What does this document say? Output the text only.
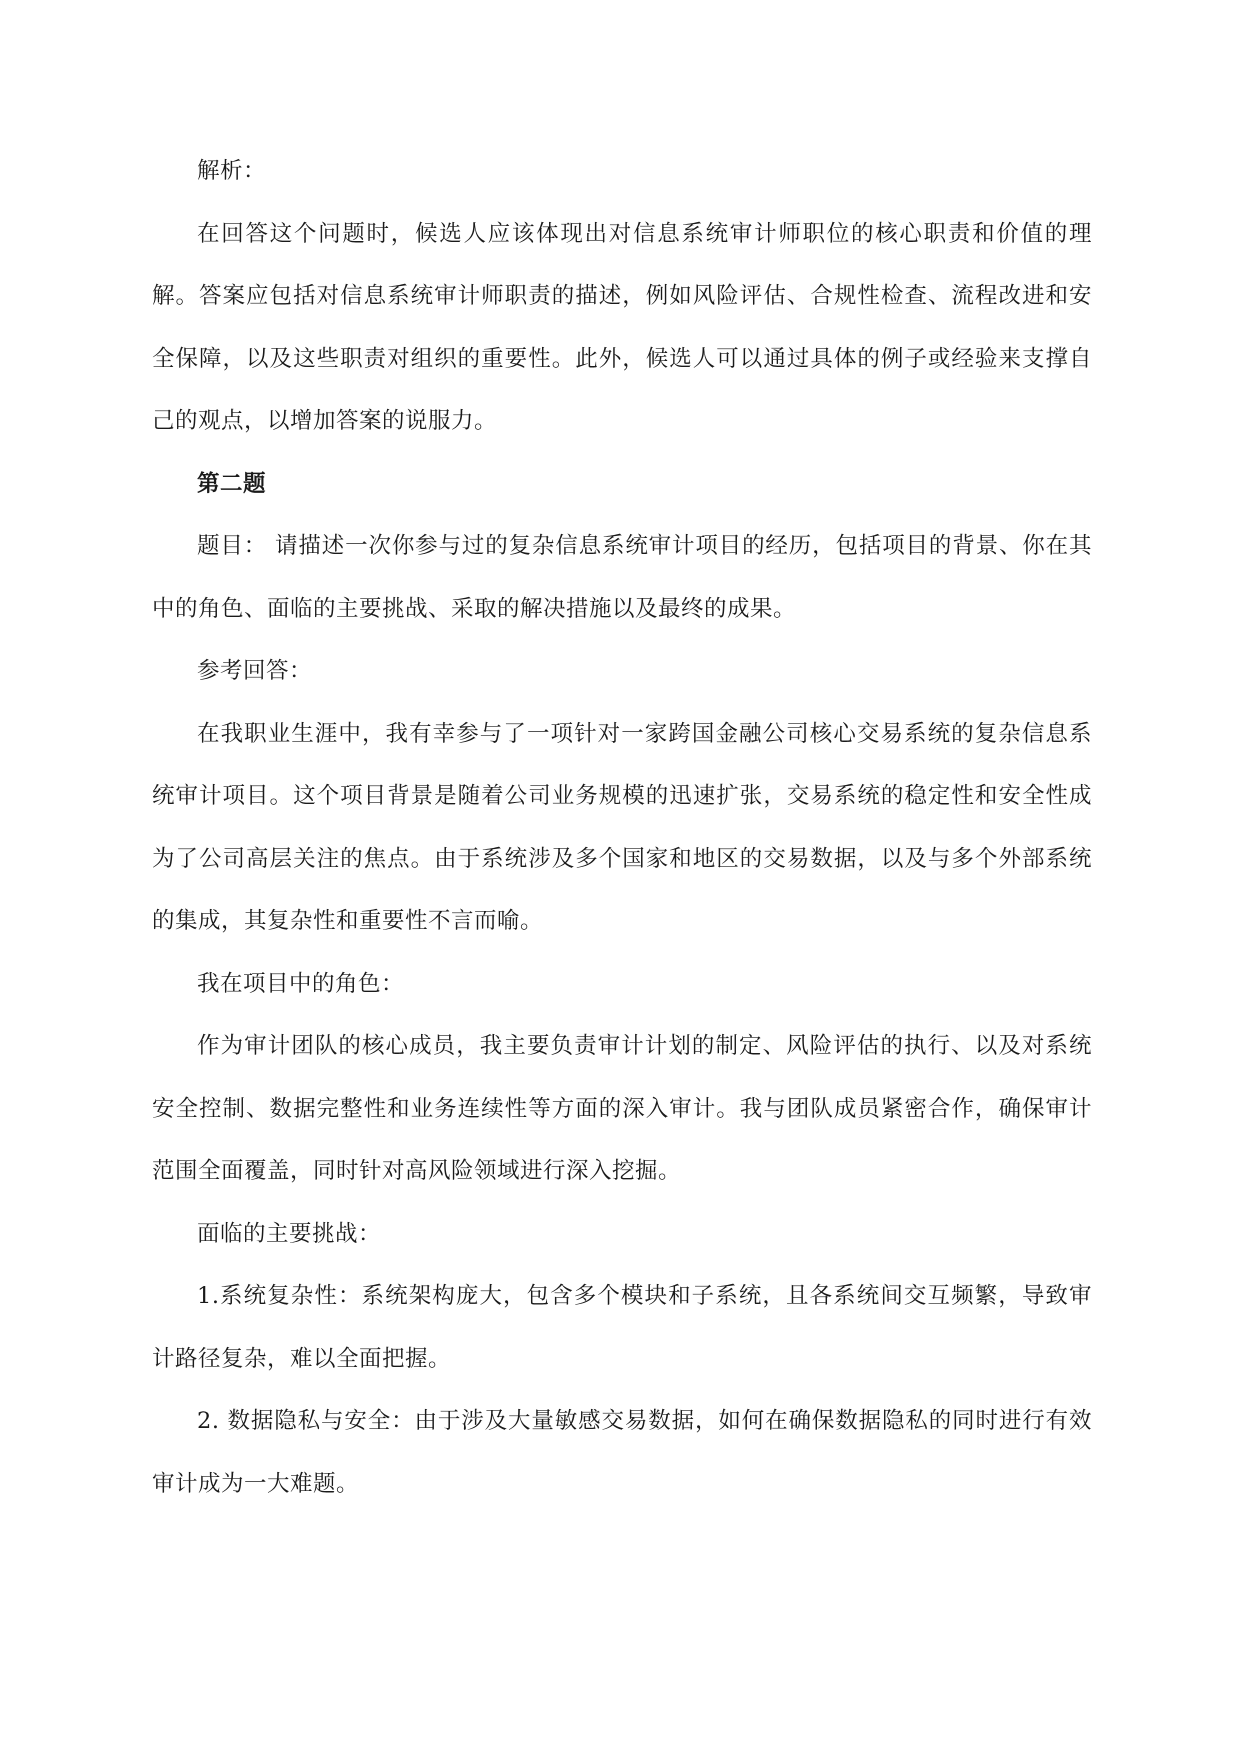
解析：

在回答这个问题时，候选人应该体现出对信息系统审计师职位的核心职责和价值的理解。答案应包括对信息系统审计师职责的描述，例如风险评估、合规性检查、流程改进和安全保障，以及这些职责对组织的重要性。此外，候选人可以通过具体的例子或经验来支撑自己的观点，以增加答案的说服力。

第二题

题目： 请描述一次你参与过的复杂信息系统审计项目的经历，包括项目的背景、你在其中的角色、面临的主要挑战、采取的解决措施以及最终的成果。

参考回答：

在我职业生涯中，我有幸参与了一项针对一家跨国金融公司核心交易系统的复杂信息系统审计项目。这个项目背景是随着公司业务规模的迅速扩张，交易系统的稳定性和安全性成为了公司高层关注的焦点。由于系统涉及多个国家和地区的交易数据，以及与多个外部系统的集成，其复杂性和重要性不言而喻。

我在项目中的角色：

作为审计团队的核心成员，我主要负责审计计划的制定、风险评估的执行、以及对系统安全控制、数据完整性和业务连续性等方面的深入审计。我与团队成员紧密合作，确保审计范围全面覆盖，同时针对高风险领域进行深入挖掘。

面临的主要挑战：

1.系统复杂性：系统架构庞大，包含多个模块和子系统，且各系统间交互频繁，导致审计路径复杂，难以全面把握。

2. 数据隐私与安全：由于涉及大量敏感交易数据，如何在确保数据隐私的同时进行有效审计成为一大难题。
